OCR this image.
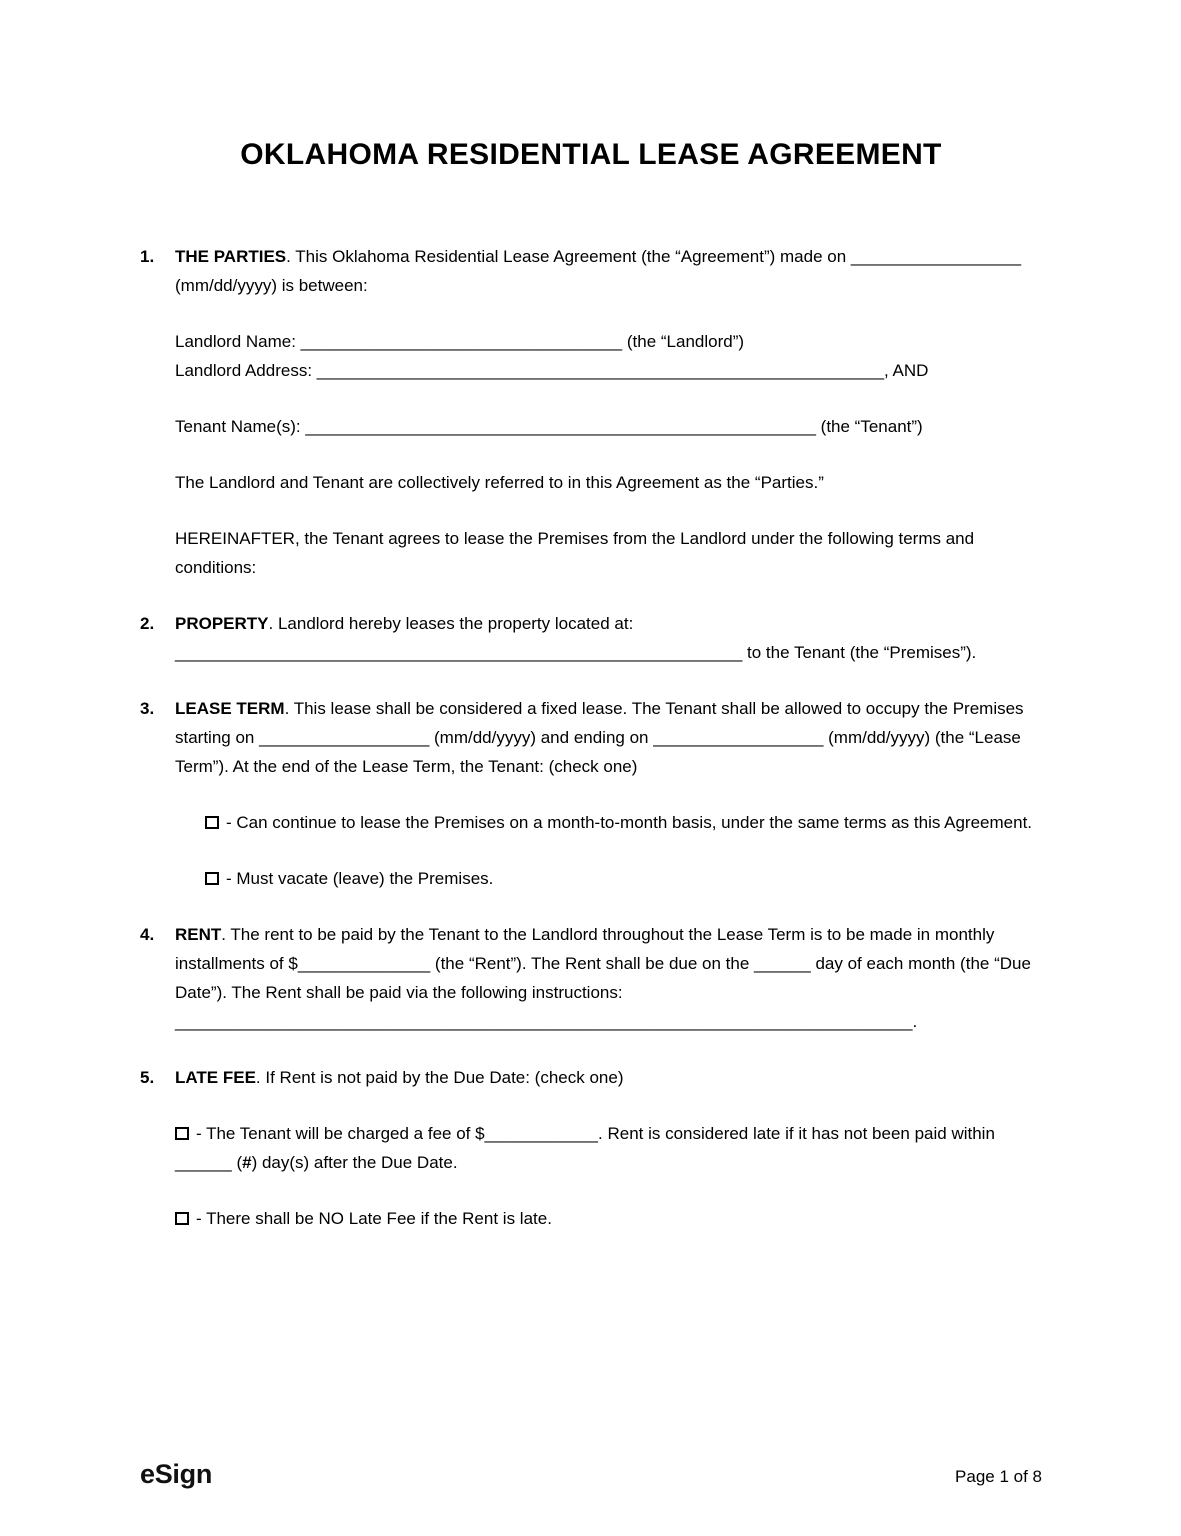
OKLAHOMA RESIDENTIAL LEASE AGREEMENT
1.	THE PARTIES. This Oklahoma Residential Lease Agreement (the “Agreement”) made on __________________ (mm/dd/yyyy) is between:

Landlord Name: __________________________________ (the “Landlord”)
Landlord Address: ____________________________________________________________, AND

Tenant Name(s): ______________________________________________________ (the “Tenant”)

The Landlord and Tenant are collectively referred to in this Agreement as the “Parties.”

HEREINAFTER, the Tenant agrees to lease the Premises from the Landlord under the following terms and conditions:

2.	PROPERTY. Landlord hereby leases the property located at: ____________________________________________________________ to the Tenant (the “Premises”).

3.	LEASE TERM. This lease shall be considered a fixed lease. The Tenant shall be allowed to occupy the Premises starting on __________________ (mm/dd/yyyy) and ending on __________________ (mm/dd/yyyy) (the “Lease Term”). At the end of the Lease Term, the Tenant: (check one)

- Can continue to lease the Premises on a month-to-month basis, under the same terms as this Agreement.

- Must vacate (leave) the Premises.

4.	RENT. The rent to be paid by the Tenant to the Landlord throughout the Lease Term is to be made in monthly installments of $______________ (the “Rent”). The Rent shall be due on the ______ day of each month (the “Due Date”). The Rent shall be paid via the following instructions: ______________________________________________________________________________.

5.	LATE FEE. If Rent is not paid by the Due Date: (check one)

- The Tenant will be charged a fee of $____________. Rent is considered late if it has not been paid within ______ (#) day(s) after the Due Date.

- There shall be NO Late Fee if the Rent is late.

eSign	Page 1 of 8
